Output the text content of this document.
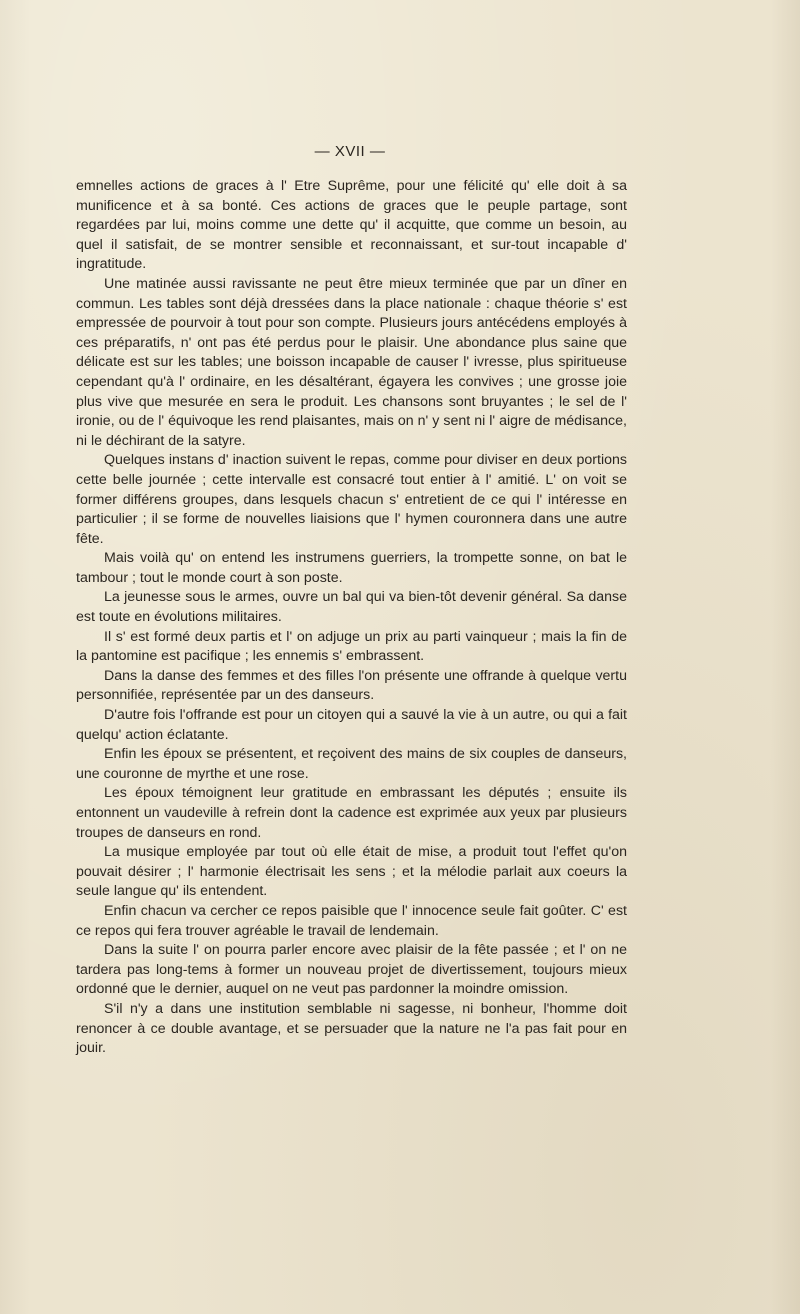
— XVII —

emnelles actions de graces à l' Etre Suprême, pour une félicité qu' elle doit à sa munificence et à sa bonté. Ces actions de graces que le peuple partage, sont regardées par lui, moins comme une dette qu' il acquitte, que comme un besoin, au quel il satisfait, de se montrer sensible et reconnaissant, et sur-tout incapable d' ingratitude.

Une matinée aussi ravissante ne peut être mieux terminée que par un dîner en commun. Les tables sont déjà dressées dans la place nationale : chaque théorie s' est empressée de pourvoir à tout pour son compte. Plusieurs jours antécédens employés à ces préparatifs, n' ont pas été perdus pour le plaisir. Une abondance plus saine que délicate est sur les tables; une boisson incapable de causer l' ivresse, plus spiritueuse cependant qu'à l' ordinaire, en les désaltérant, égayera les convives ; une grosse joie plus vive que mesurée en sera le produit. Les chansons sont bruyantes ; le sel de l' ironie, ou de l' équivoque les rend plaisantes, mais on n' y sent ni l' aigre de médisance, ni le déchirant de la satyre.

Quelques instans d' inaction suivent le repas, comme pour diviser en deux portions cette belle journée ; cette intervalle est consacré tout entier à l' amitié. L' on voit se former différens groupes, dans lesquels chacun s' entretient de ce qui l' intéresse en particulier ; il se forme de nouvelles liaisions que l' hymen couronnera dans une autre fête.

Mais voilà qu' on entend les instrumens guerriers, la trompette sonne, on bat le tambour ; tout le monde court à son poste.

La jeunesse sous le armes, ouvre un bal qui va bien-tôt devenir général. Sa danse est toute en évolutions militaires.

Il s' est formé deux partis et l' on adjuge un prix au parti vainqueur ; mais la fin de la pantomine est pacifique ; les ennemis s' embrassent.

Dans la danse des femmes et des filles l'on présente une offrande à quelque vertu personnifiée, représentée par un des danseurs.

D'autre fois l'offrande est pour un citoyen qui a sauvé la vie à un autre, ou qui a fait quelqu' action éclatante.

Enfin les époux se présentent, et reçoivent des mains de six couples de danseurs, une couronne de myrthe et une rose.

Les époux témoignent leur gratitude en embrassant les députés ; ensuite ils entonnent un vaudeville à refrein dont la cadence est exprimée aux yeux par plusieurs troupes de danseurs en rond.

La musique employée par tout où elle était de mise, a produit tout l'effet qu'on pouvait désirer ; l' harmonie électrisait les sens ; et la mélodie parlait aux coeurs la seule langue qu' ils entendent.

Enfin chacun va cercher ce repos paisible que l' innocence seule fait goûter. C' est ce repos qui fera trouver agréable le travail de lendemain.

Dans la suite l' on pourra parler encore avec plaisir de la fête passée ; et l' on ne tardera pas long-tems à former un nouveau projet de divertissement, toujours mieux ordonné que le dernier, auquel on ne veut pas pardonner la moindre omission.

S'il n'y a dans une institution semblable ni sagesse, ni bonheur, l'homme doit renoncer à ce double avantage, et se persuader que la nature ne l'a pas fait pour en jouir.
